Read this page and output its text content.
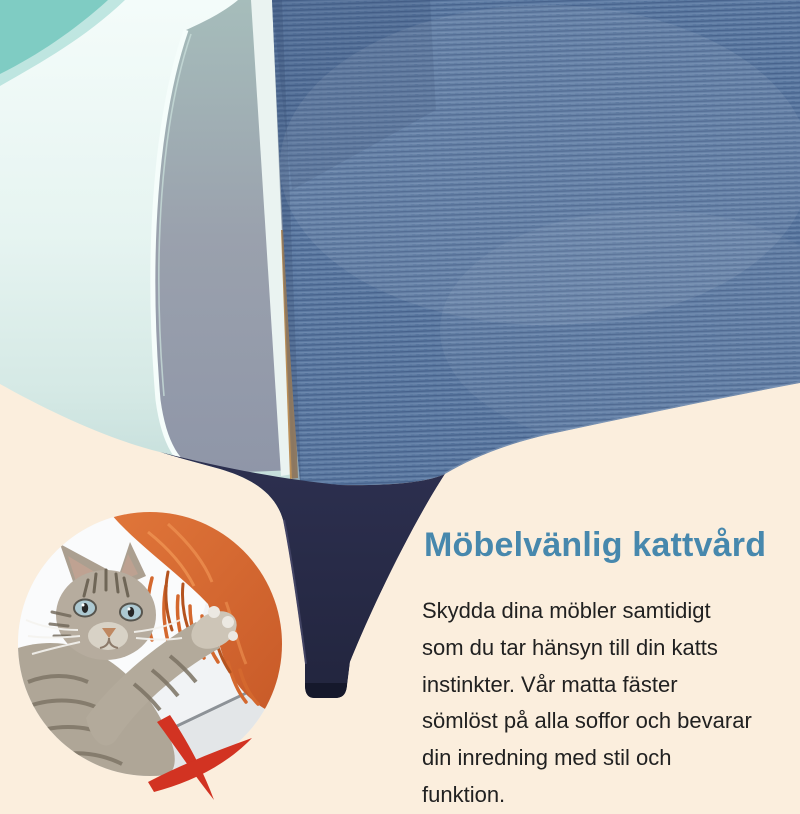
Möbelvänlig kattvård

Skydda dina möbler samtidigt
som du tar hänsyn till din katts
instinkter. Vår matta fäster
sömlöst på alla soffor och bevarar
din inredning med stil och
funktion.
